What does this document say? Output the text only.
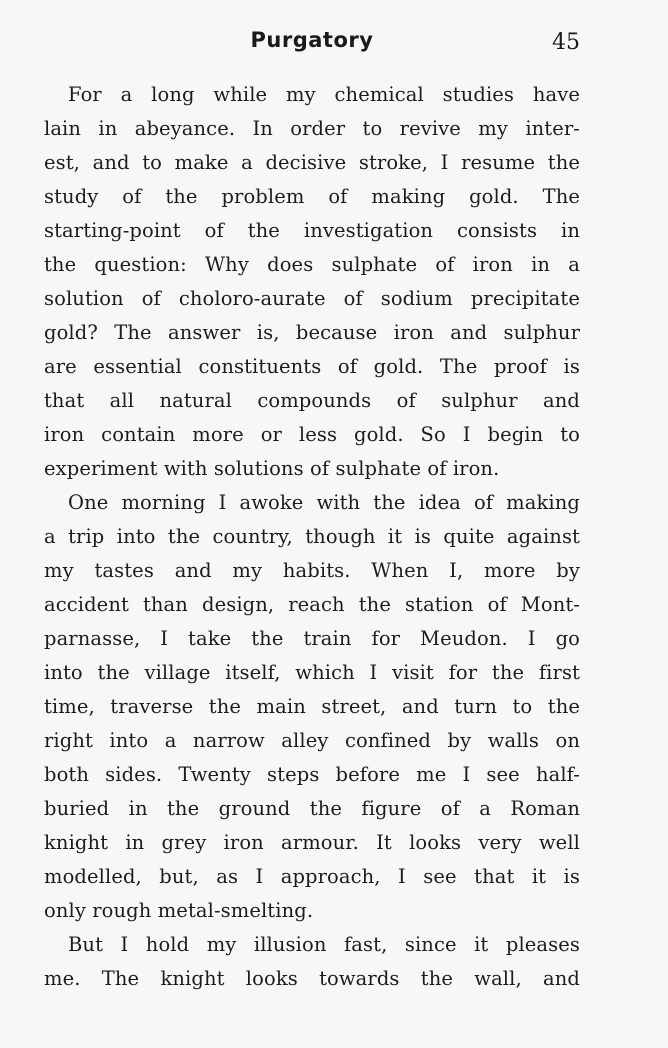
Purgatory	45
For a long while my chemical studies have
lain in abeyance. In order to revive my inter-
est, and to make a decisive stroke, I resume the
study of the problem of making gold. The
starting-point of the investigation consists in
the question: Why does sulphate of iron in a
solution of choloro-aurate of sodium precipitate
gold? The answer is, because iron and sulphur
are essential constituents of gold. The proof is
that all natural compounds of sulphur and
iron contain more or less gold. So I begin to
experiment with solutions of sulphate of iron.
One morning I awoke with the idea of making
a trip into the country, though it is quite against
my tastes and my habits. When I, more by
accident than design, reach the station of Mont-
parnasse, I take the train for Meudon. I go
into the village itself, which I visit for the first
time, traverse the main street, and turn to the
right into a narrow alley confined by walls on
both sides. Twenty steps before me I see half-
buried in the ground the figure of a Roman
knight in grey iron armour. It looks very well
modelled, but, as I approach, I see that it is
only rough metal-smelting.
But I hold my illusion fast, since it pleases
me. The knight looks towards the wall, and
